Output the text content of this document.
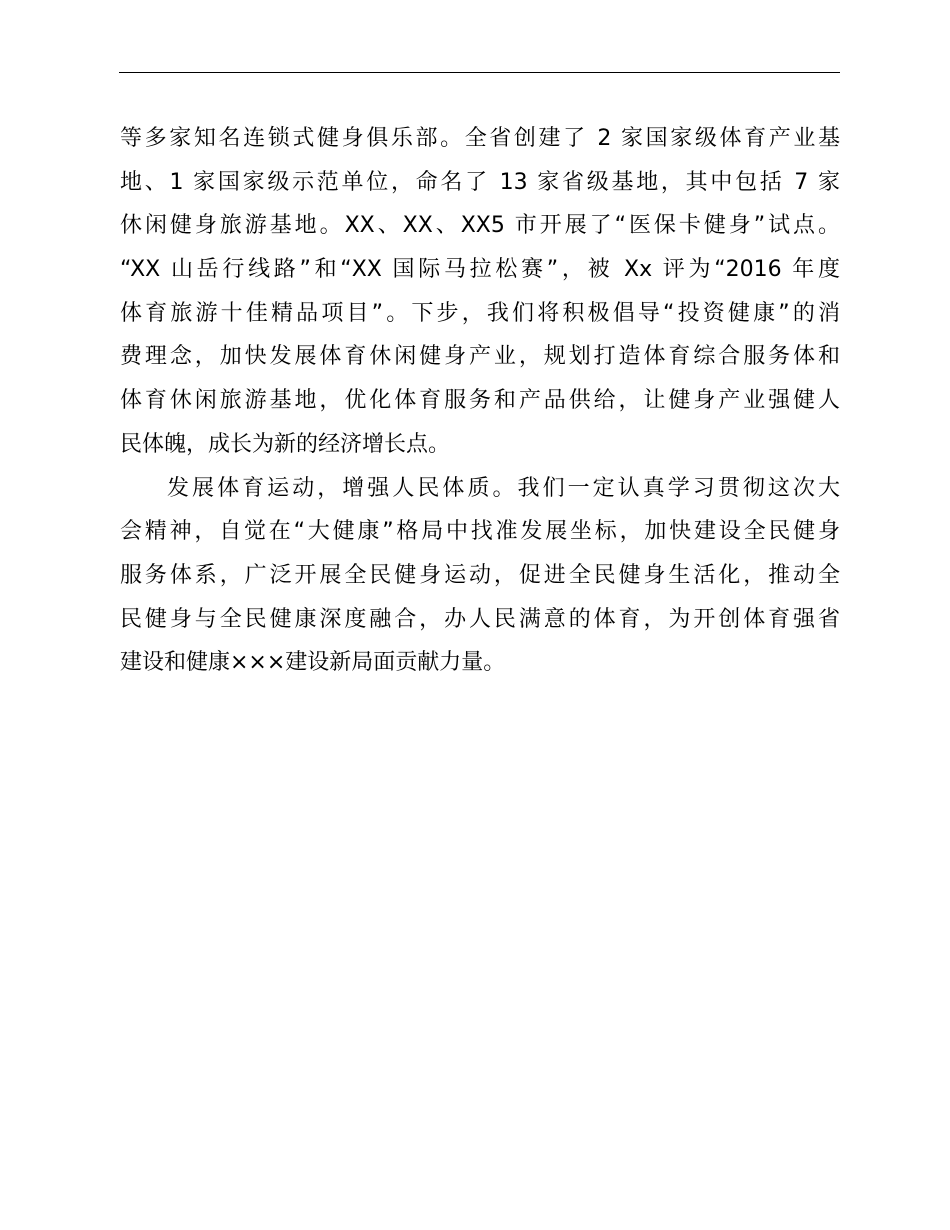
等多家知名连锁式健身俱乐部。全省创建了 2 家国家级体育产业基
地、1 家国家级示范单位，命名了 13 家省级基地，其中包括 7 家
休闲健身旅游基地。XX、XX、XX5 市开展了“医保卡健身”试点。
“XX 山岳行线路”和“XX 国际马拉松赛”，被 Xx 评为“2016 年度
体育旅游十佳精品项目”。下步，我们将积极倡导“投资健康”的消
费理念，加快发展体育休闲健身产业，规划打造体育综合服务体和
体育休闲旅游基地，优化体育服务和产品供给，让健身产业强健人
民体魄，成长为新的经济增长点。
发展体育运动，增强人民体质。我们一定认真学习贯彻这次大
会精神，自觉在“大健康”格局中找准发展坐标，加快建设全民健身
服务体系，广泛开展全民健身运动，促进全民健身生活化，推动全
民健身与全民健康深度融合，办人民满意的体育，为开创体育强省
建设和健康×××建设新局面贡献力量。
